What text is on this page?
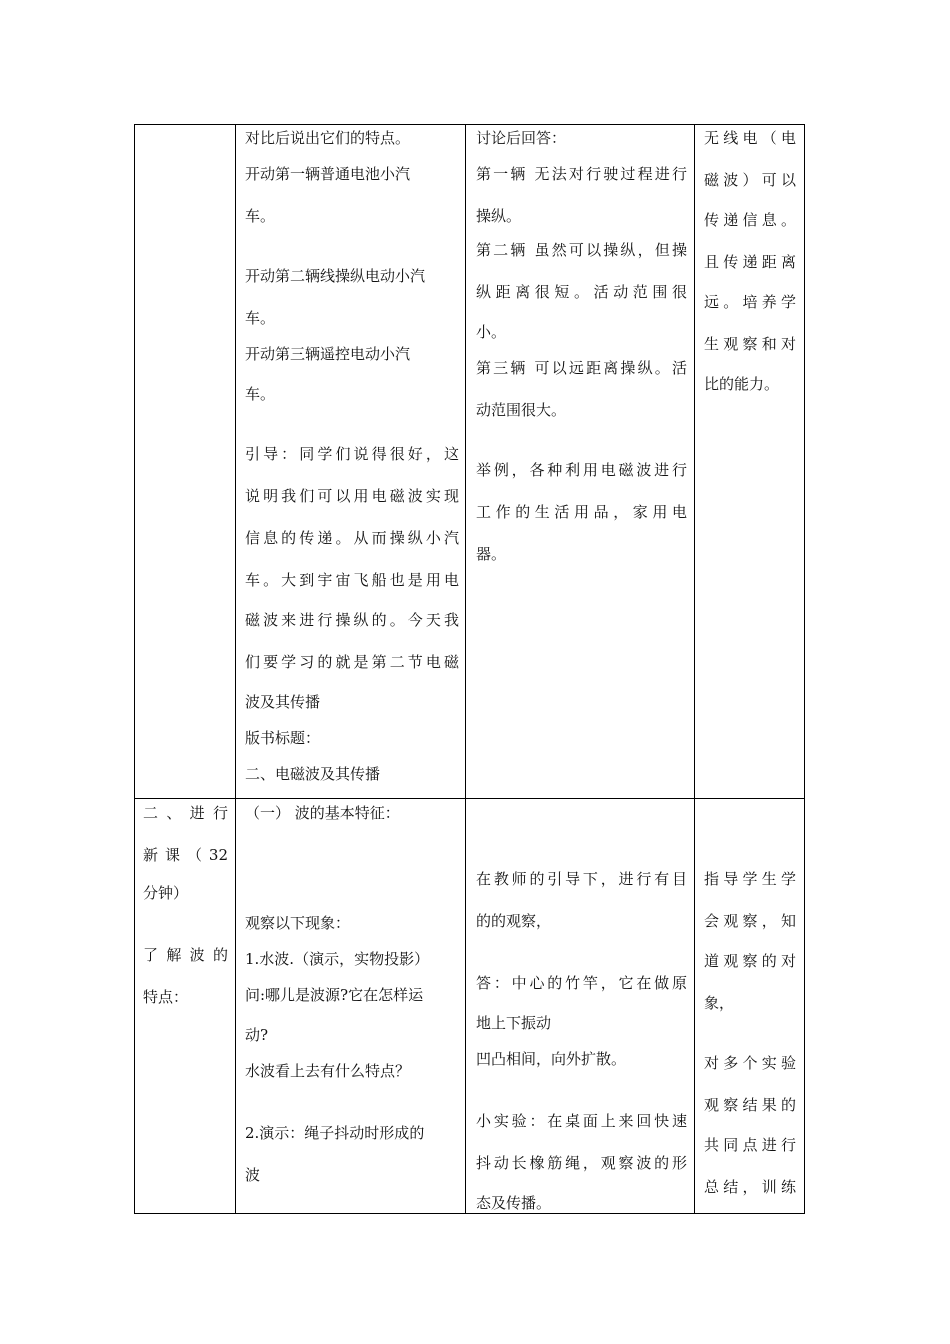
对比后说出它们的特点。
开动第一辆普通电池小汽
车。
开动第二辆线操纵电动小汽
车。
开动第三辆遥控电动小汽
车。
引导：同学们说得很好，这
说明我们可以用电磁波实现
信息的传递。从而操纵小汽
车。大到宇宙飞船也是用电
磁波来进行操纵的。今天我
们要学习的就是第二节电磁
波及其传播
版书标题：
二、电磁波及其传播
讨论后回答：
第一辆 无法对行驶过程进行
操纵。
第二辆 虽然可以操纵，但操
纵距离很短。活动范围很
小。
第三辆 可以远距离操纵。活
动范围很大。
举例，各种利用电磁波进行
工作的生活用品，家用电
器。
无线电（电
磁波）可以
传递信息。
且传递距离
远。培养学
生观察和对
比的能力。
二、进行
新课（32
分钟）
了解波的
特点：
（一） 波的基本特征：
观察以下现象：
1.水波.（演示，实物投影）
问:哪儿是波源?它在怎样运
动?
水波看上去有什么特点？
2.演示：绳子抖动时形成的
波
在教师的引导下，进行有目
的的观察，
答：中心的竹竿，它在做原
地上下振动
凹凸相间，向外扩散。
小实验：在桌面上来回快速
抖动长橡筋绳，观察波的形
态及传播。
指导学生学
会观察，知
道观察的对
象，
对多个实验
观察结果的
共同点进行
总结，训练
